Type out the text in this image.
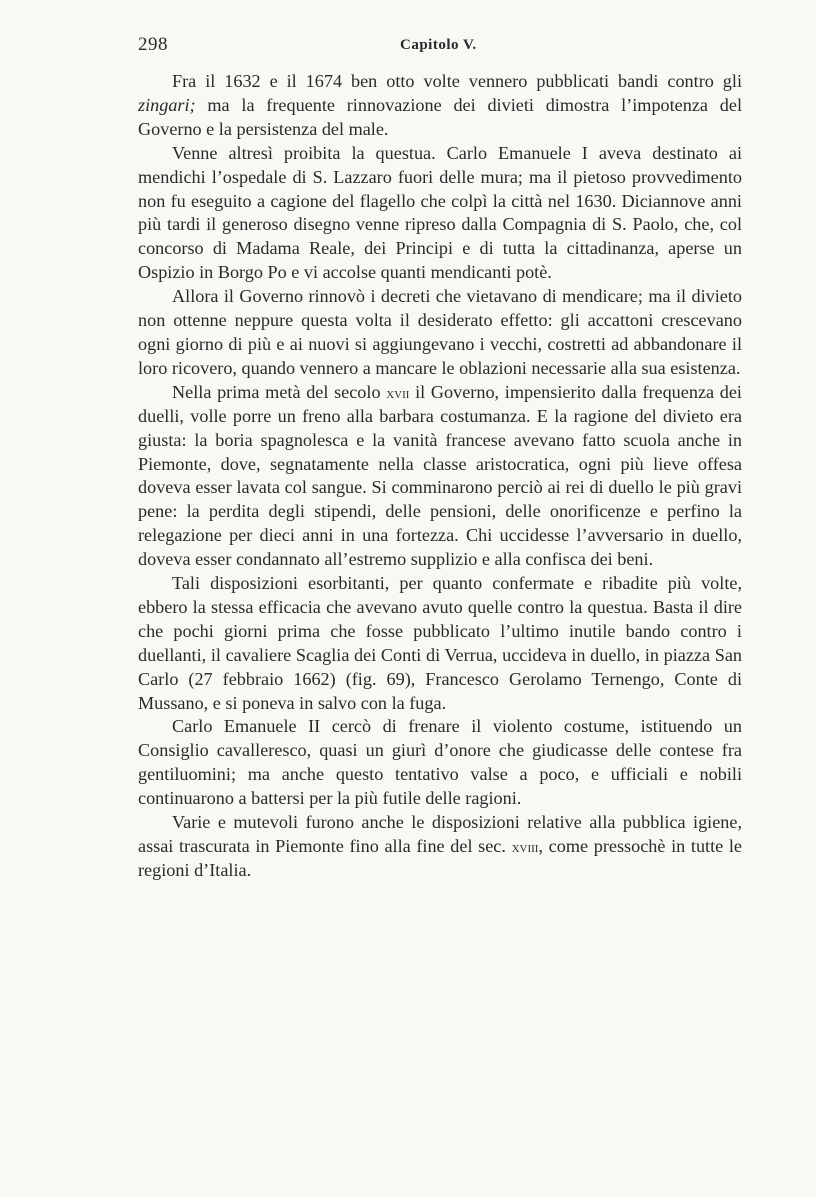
298	Capitolo V.

Fra il 1632 e il 1674 ben otto volte vennero pubblicati bandi contro gli zingari; ma la frequente rinnovazione dei divieti dimostra l’impotenza del Governo e la persistenza del male.

Venne altresì proibita la questua. Carlo Emanuele I aveva destinato ai mendichi l’ospedale di S. Lazzaro fuori delle mura; ma il pietoso provvedimento non fu eseguito a cagione del flagello che colpì la città nel 1630. Diciannove anni più tardi il generoso disegno venne ripreso dalla Compagnia di S. Paolo, che, col concorso di Madama Reale, dei Principi e di tutta la cittadinanza, aperse un Ospizio in Borgo Po e vi accolse quanti mendicanti potè.

Allora il Governo rinnovò i decreti che vietavano di mendicare; ma il divieto non ottenne neppure questa volta il desiderato effetto: gli accattoni crescevano ogni giorno di più e ai nuovi si aggiungevano i vecchi, costretti ad abbandonare il loro ricovero, quando vennero a mancare le oblazioni necessarie alla sua esistenza.

Nella prima metà del secolo xvii il Governo, impensierito dalla frequenza dei duelli, volle porre un freno alla barbara costumanza. E la ragione del divieto era giusta: la boria spagnolesca e la vanità francese avevano fatto scuola anche in Piemonte, dove, segnatamente nella classe aristocratica, ogni più lieve offesa doveva esser lavata col sangue. Si comminarono perciò ai rei di duello le più gravi pene: la perdita degli stipendi, delle pensioni, delle onorificenze e perfino la relegazione per dieci anni in una fortezza. Chi uccidesse l’avversario in duello, doveva esser condannato all’estremo supplizio e alla confisca dei beni.

Tali disposizioni esorbitanti, per quanto confermate e ribadite più volte, ebbero la stessa efficacia che avevano avuto quelle contro la questua. Basta il dire che pochi giorni prima che fosse pubblicato l’ultimo inutile bando contro i duellanti, il cavaliere Scaglia dei Conti di Verrua, uccideva in duello, in piazza San Carlo (27 febbraio 1662) (fig. 69), Francesco Gerolamo Ternengo, Conte di Mussano, e si poneva in salvo con la fuga.

Carlo Emanuele II cercò di frenare il violento costume, istituendo un Consiglio cavalleresco, quasi un giurì d’onore che giudicasse delle contese fra gentiluomini; ma anche questo tentativo valse a poco, e ufficiali e nobili continuarono a battersi per la più futile delle ragioni.

Varie e mutevoli furono anche le disposizioni relative alla pubblica igiene, assai trascurata in Piemonte fino alla fine del sec. xviii, come pressochè in tutte le regioni d’Italia.
